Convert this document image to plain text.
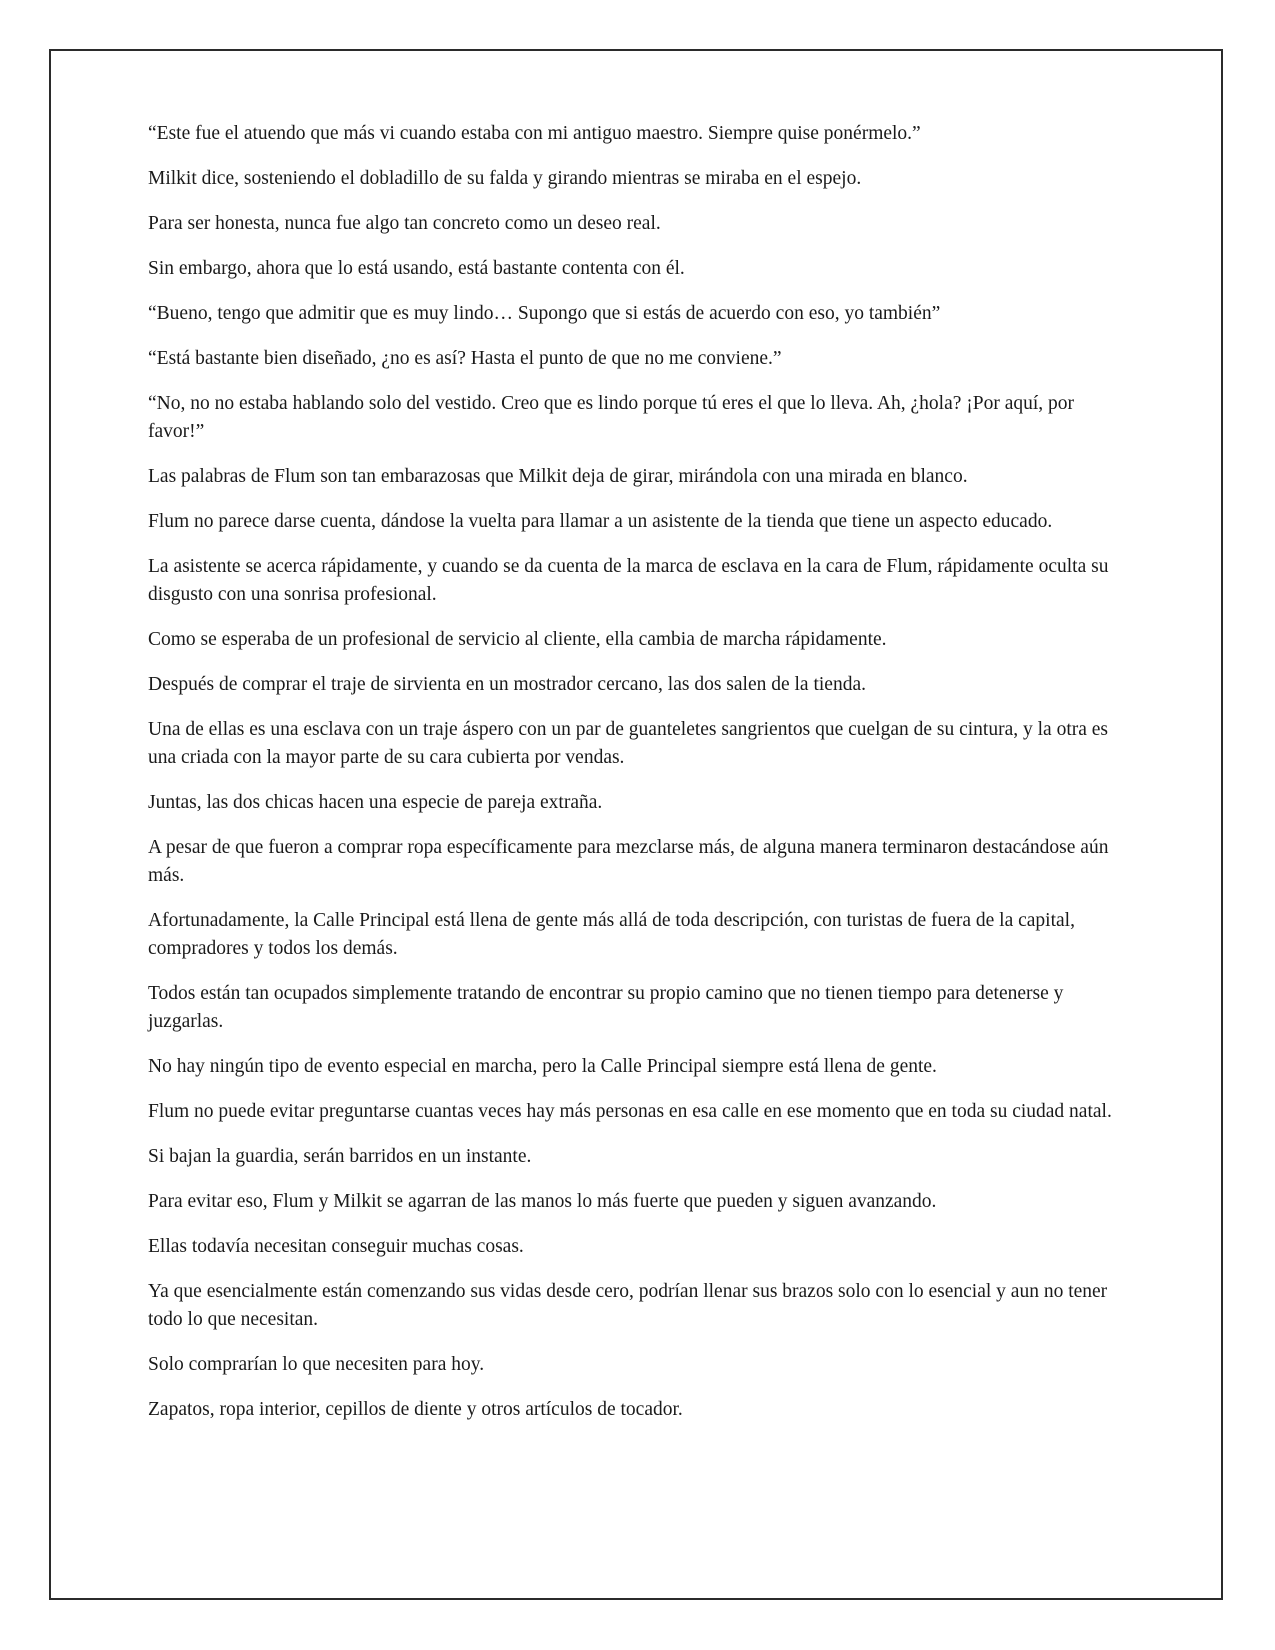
“Este fue el atuendo que más vi cuando estaba con mi antiguo maestro. Siempre quise ponérmelo.”

Milkit dice, sosteniendo el dobladillo de su falda y girando mientras se miraba en el espejo.

Para ser honesta, nunca fue algo tan concreto como un deseo real.

Sin embargo, ahora que lo está usando, está bastante contenta con él.

“Bueno, tengo que admitir que es muy lindo… Supongo que si estás de acuerdo con eso, yo también”

“Está bastante bien diseñado, ¿no es así? Hasta el punto de que no me conviene.”

“No, no no estaba hablando solo del vestido. Creo que es lindo porque tú eres el que lo lleva. Ah, ¿hola? ¡Por aquí, por favor!”

Las palabras de Flum son tan embarazosas que Milkit deja de girar, mirándola con una mirada en blanco.

Flum no parece darse cuenta, dándose la vuelta para llamar a un asistente de la tienda que tiene un aspecto educado.

La asistente se acerca rápidamente, y cuando se da cuenta de la marca de esclava en la cara de Flum, rápidamente oculta su disgusto con una sonrisa profesional.

Como se esperaba de un profesional de servicio al cliente, ella cambia de marcha rápidamente.

Después de comprar el traje de sirvienta en un mostrador cercano, las dos salen de la tienda.

Una de ellas es una esclava con un traje áspero con un par de guanteletes sangrientos que cuelgan de su cintura, y la otra es una criada con la mayor parte de su cara cubierta por vendas.

Juntas, las dos chicas hacen una especie de pareja extraña.

A pesar de que fueron a comprar ropa específicamente para mezclarse más, de alguna manera terminaron destacándose aún más.

Afortunadamente, la Calle Principal está llena de gente más allá de toda descripción, con turistas de fuera de la capital, compradores y todos los demás.

Todos están tan ocupados simplemente tratando de encontrar su propio camino que no tienen tiempo para detenerse y juzgarlas.

No hay ningún tipo de evento especial en marcha, pero la Calle Principal siempre está llena de gente.

Flum no puede evitar preguntarse cuantas veces hay más personas en esa calle en ese momento que en toda su ciudad natal.

Si bajan la guardia, serán barridos en un instante.

Para evitar eso, Flum y Milkit se agarran de las manos lo más fuerte que pueden y siguen avanzando.

Ellas todavía necesitan conseguir muchas cosas.

Ya que esencialmente están comenzando sus vidas desde cero, podrían llenar sus brazos solo con lo esencial y aun no tener todo lo que necesitan.

Solo comprarían lo que necesiten para hoy.

Zapatos, ropa interior, cepillos de diente y otros artículos de tocador.
